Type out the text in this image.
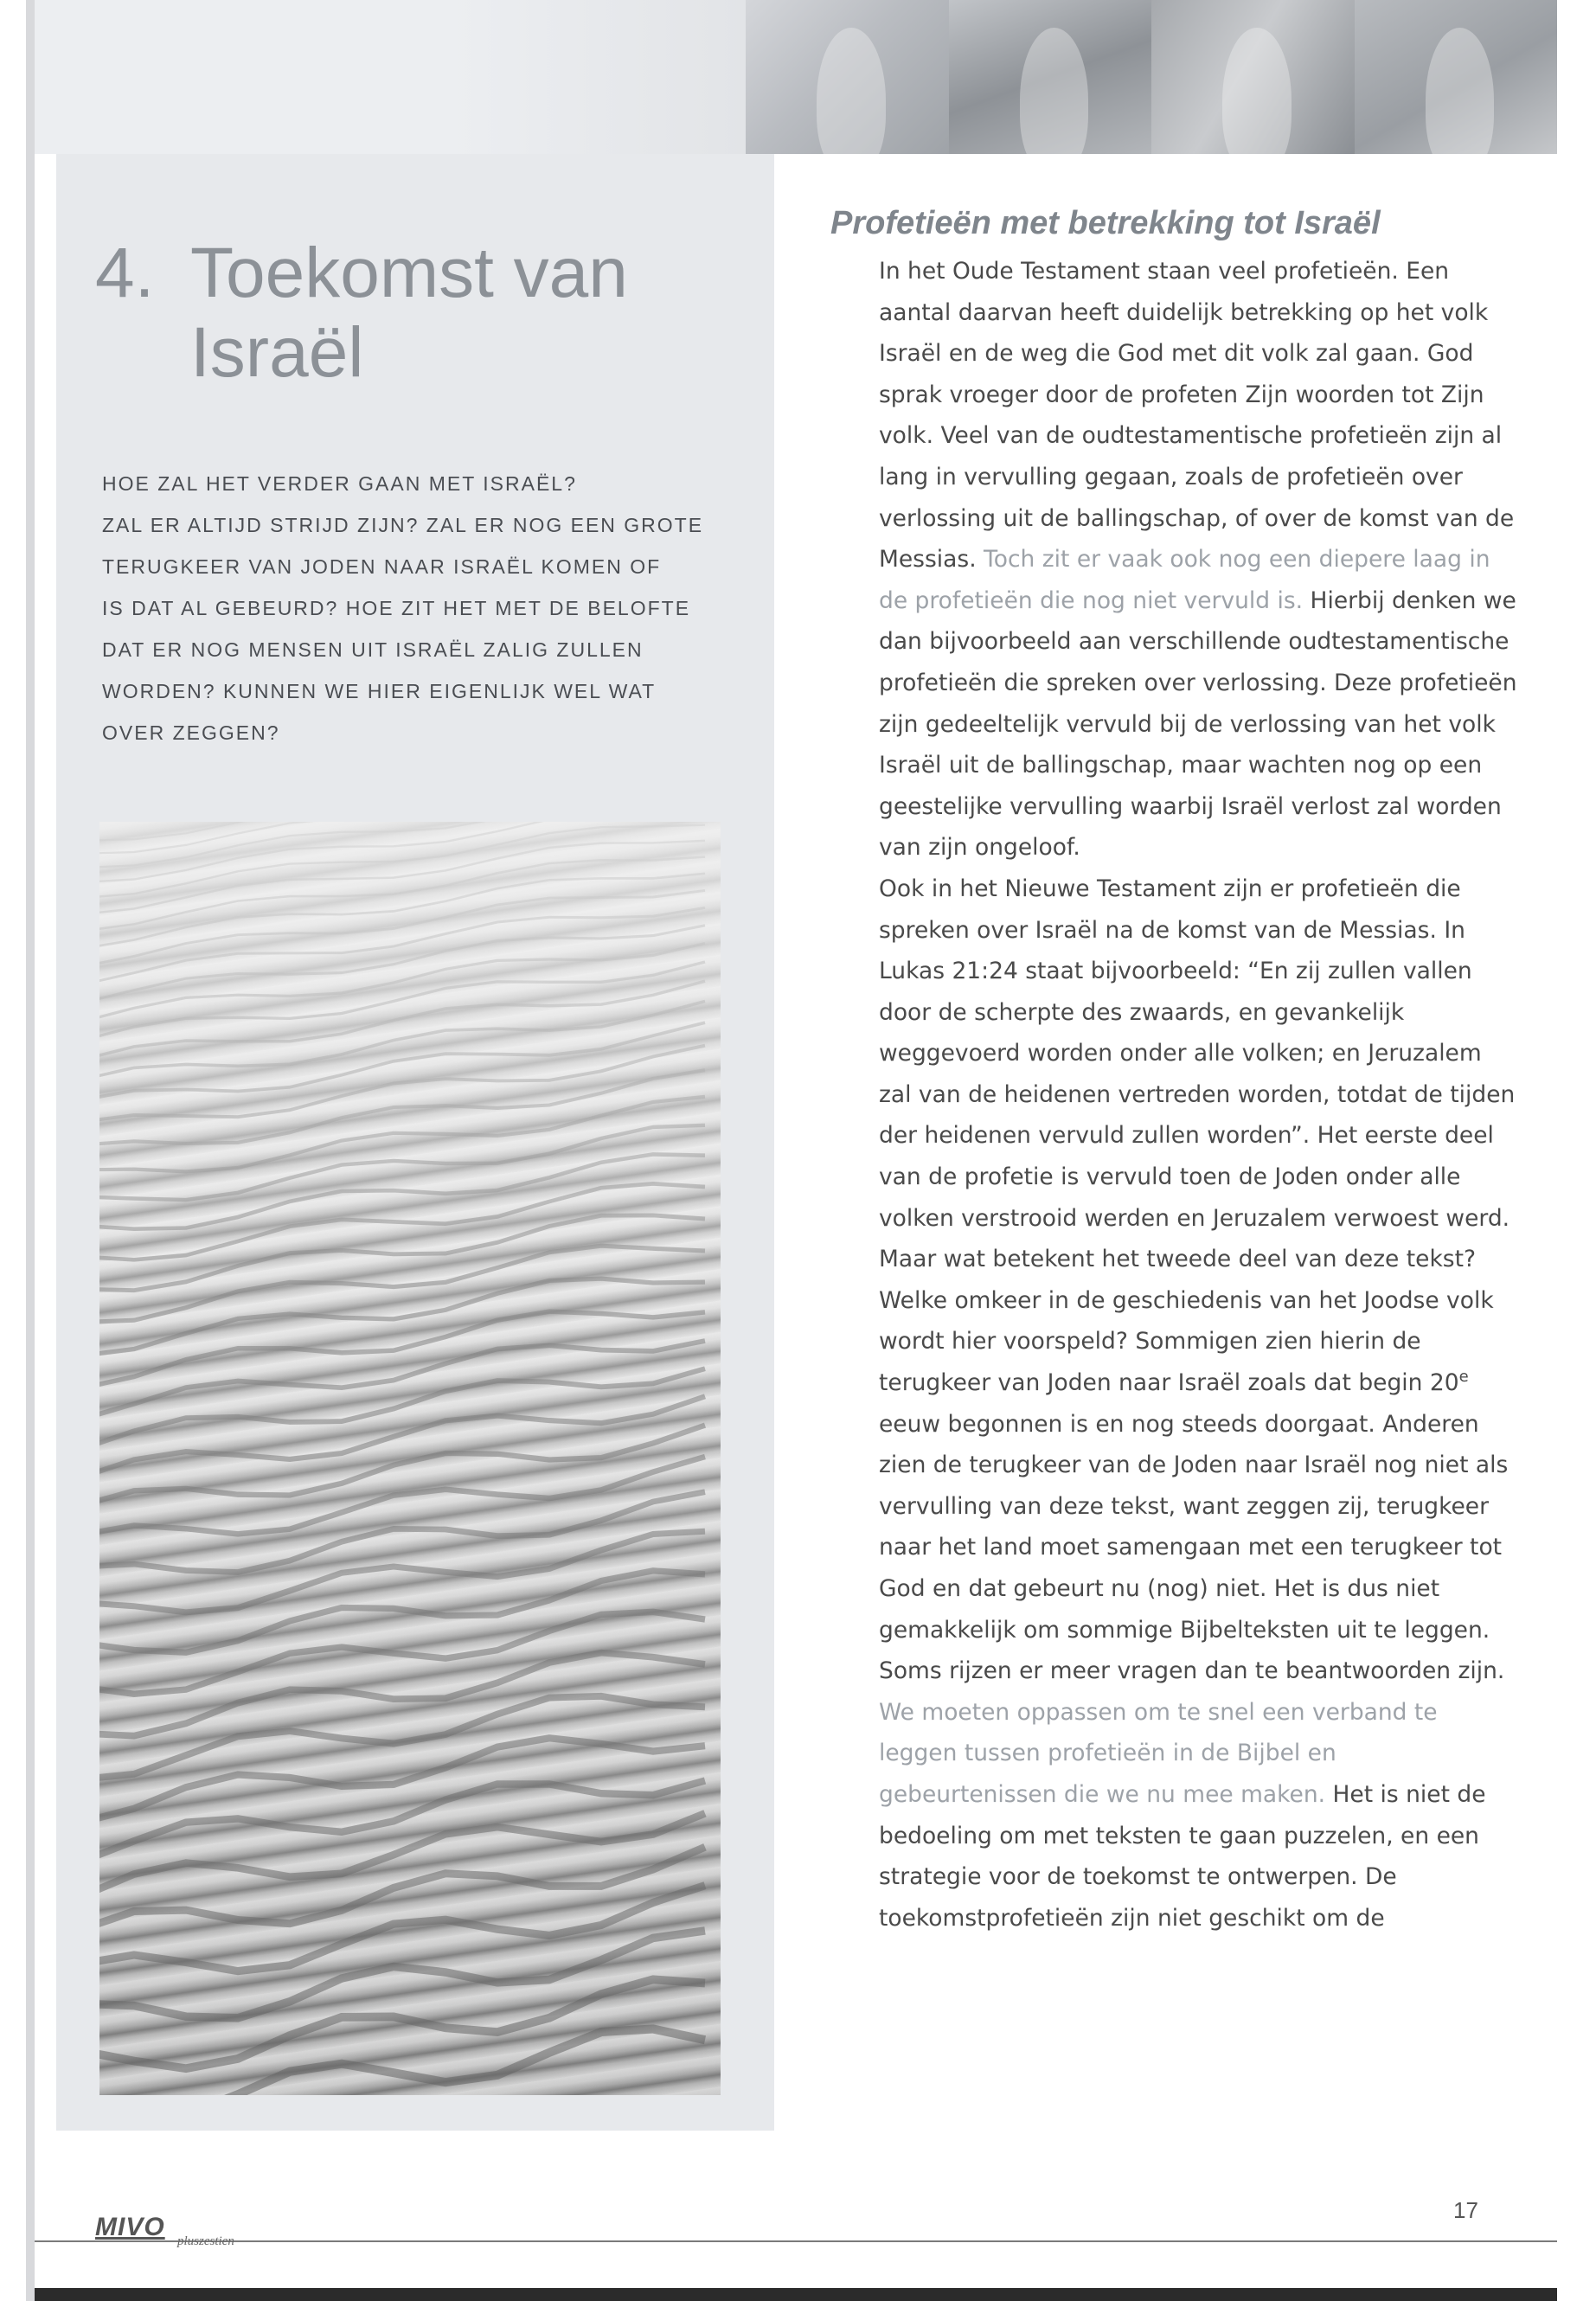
4. Toekomst van
Israël
HOE ZAL HET VERDER GAAN MET ISRAËL?
ZAL ER ALTIJD STRIJD ZIJN? ZAL ER NOG EEN GROTE
TERUGKEER VAN JODEN NAAR ISRAËL KOMEN OF
IS DAT AL GEBEURD? HOE ZIT HET MET DE BELOFTE
DAT ER NOG MENSEN UIT ISRAËL ZALIG ZULLEN
WORDEN? KUNNEN WE HIER EIGENLIJK WEL WAT
OVER ZEGGEN?
Profetieën met betrekking tot Israël

In het Oude Testament staan veel profetieën. Een aantal daarvan heeft duidelijk betrekking op het volk Israël en de weg die God met dit volk zal gaan. God sprak vroeger door de profeten Zijn woorden tot Zijn volk. Veel van de oudtestamentische profetieën zijn al lang in vervulling gegaan, zoals de profetieën over verlossing uit de ballingschap, of over de komst van de Messias. Toch zit er vaak ook nog een diepere laag in de profetieën die nog niet vervuld is. Hierbij denken we dan bijvoorbeeld aan verschillende oudtestamentische profetieën die spreken over verlossing. Deze profetieën zijn gedeeltelijk vervuld bij de verlossing van het volk Israël uit de ballingschap, maar wachten nog op een geestelijke vervulling waarbij Israël verlost zal worden van zijn ongeloof.
Ook in het Nieuwe Testament zijn er profetieën die spreken over Israël na de komst van de Messias. In Lukas 21:24 staat bijvoorbeeld: “En zij zullen vallen door de scherpte des zwaards, en gevankelijk weggevoerd worden onder alle volken; en Jeruzalem zal van de heidenen vertreden worden, totdat de tijden der heidenen vervuld zullen worden”. Het eerste deel van de profetie is vervuld toen de Joden onder alle volken verstrooid werden en Jeruzalem verwoest werd. Maar wat betekent het tweede deel van deze tekst? Welke omkeer in de geschiedenis van het Joodse volk wordt hier voorspeld? Sommigen zien hierin de terugkeer van Joden naar Israël zoals dat begin 20e eeuw begonnen is en nog steeds doorgaat. Anderen zien de terugkeer van de Joden naar Israël nog niet als vervulling van deze tekst, want zeggen zij, terugkeer naar het land moet samengaan met een terugkeer tot God en dat gebeurt nu (nog) niet. Het is dus niet gemakkelijk om sommige Bijbelteksten uit te leggen. Soms rijzen er meer vragen dan te beantwoorden zijn. We moeten oppassen om te snel een verband te leggen tussen profetieën in de Bijbel en gebeurtenissen die we nu mee maken. Het is niet de bedoeling om met teksten te gaan puzzelen, en een strategie voor de toekomst te ontwerpen. De toekomstprofetieën zijn niet geschikt om de

17
MIVO pluszestien
